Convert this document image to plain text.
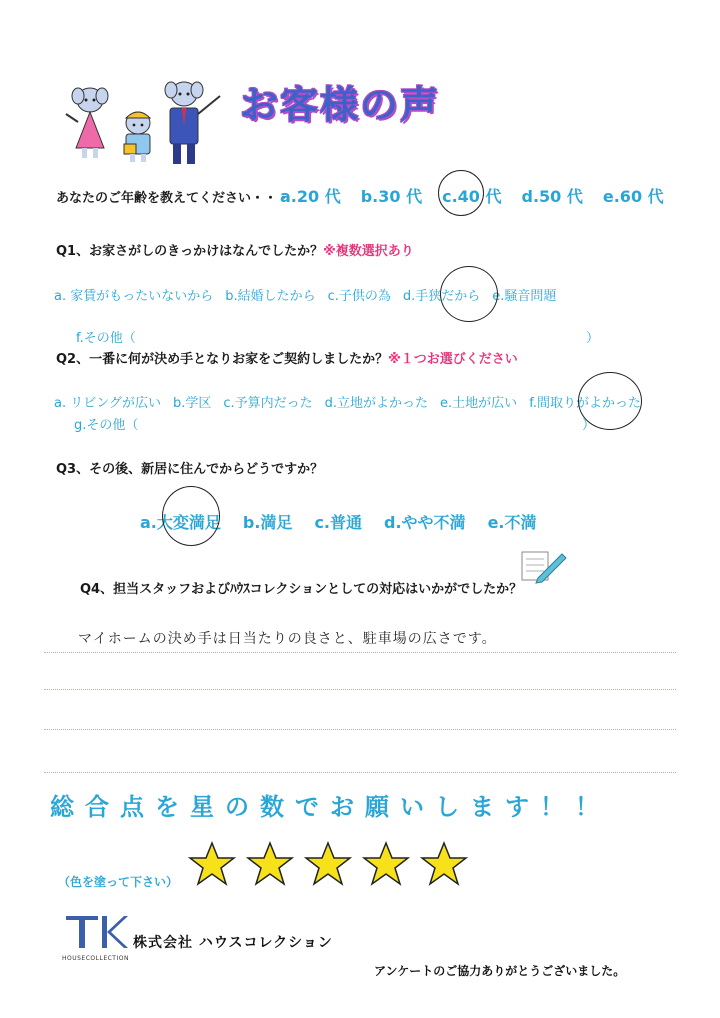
お客様の声
あなたのご年齢を教えてください・・・
a.20 代 b.30 代 c.40 代 d.50 代 e.60 代
Q1、お家さがしのきっかけはなんでしたか？※複数選択あり
a. 家賃がもったいないから b.結婚したから c.子供の為 d.手狭だから e.騒音問題
f.その他（	）
Q2、一番に何が決め手となりお家をご契約しましたか？※１つお選びください
a. リビングが広い b.学区 c.予算内だった d.立地がよかった e.土地が広い f.間取りがよかった
g.その他（	）
Q3、その後、新居に住んでからどうですか？
a.大変満足 b.満足 c.普通 d.やや不満 e.不満
Q4、担当スタッフおよびﾊｳｽコレクションとしての対応はいかがでしたか？
マイホームの決め手は日当たりの良さと、駐車場の広さです。
総合点を星の数でお願いします！！
（色を塗って下さい）
HOUSECOLLECTION
株式会社 ハウスコレクション
アンケートのご協力ありがとうございました。
